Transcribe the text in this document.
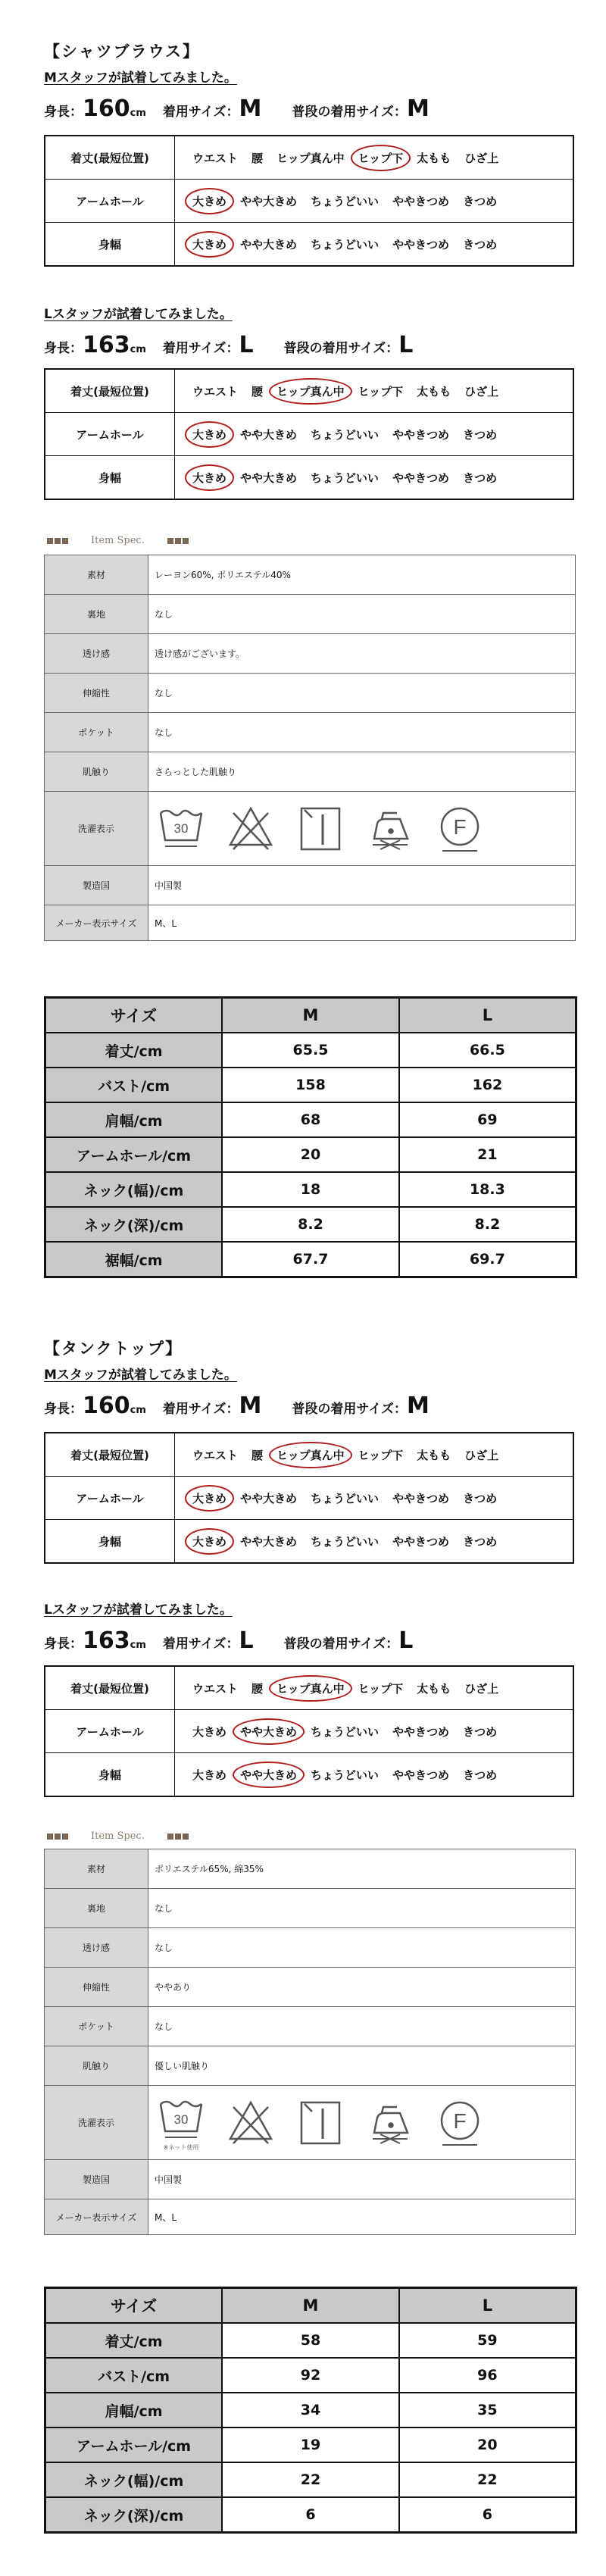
【シャツブラウス】
Mスタッフが試着してみました。
身長：160cm 着用サイズ：M 普段の着用サイズ：M
着丈(最短位置)	ウエスト 腰 ヒップ真ん中 ヒップ下 太もも ひざ上
アームホール	大きめ やや大きめ ちょうどいい ややきつめ きつめ
身幅	大きめ やや大きめ ちょうどいい ややきつめ きつめ
Lスタッフが試着してみました。
身長：163cm 着用サイズ：L 普段の着用サイズ：L
着丈(最短位置)	ウエスト 腰 ヒップ真ん中 ヒップ下 太もも ひざ上
アームホール	大きめ やや大きめ ちょうどいい ややきつめ きつめ
身幅	大きめ やや大きめ ちょうどいい ややきつめ きつめ
Item Spec.
素材	レーヨン60%, ポリエステル40%
裏地	なし
透け感	透け感がございます。
伸縮性	なし
ポケット	なし
肌触り	さらっとした肌触り
洗濯表示	30 F

製造国	中国製
メーカー表示サイズ	M、L
サイズ	M	L
着丈/cm	65.5	66.5
バスト/cm	158	162
肩幅/cm	68	69
アームホール/cm	20	21
ネック(幅)/cm	18	18.3
ネック(深)/cm	8.2	8.2
裾幅/cm	67.7	69.7
【タンクトップ】
Mスタッフが試着してみました。
身長：160cm 着用サイズ：M 普段の着用サイズ：M
着丈(最短位置)	ウエスト 腰 ヒップ真ん中 ヒップ下 太もも ひざ上
アームホール	大きめ やや大きめ ちょうどいい ややきつめ きつめ
身幅	大きめ やや大きめ ちょうどいい ややきつめ きつめ
Lスタッフが試着してみました。
身長：163cm 着用サイズ：L 普段の着用サイズ：L
着丈(最短位置)	ウエスト 腰 ヒップ真ん中 ヒップ下 太もも ひざ上
アームホール	大きめ やや大きめ ちょうどいい ややきつめ きつめ
身幅	大きめ やや大きめ ちょうどいい ややきつめ きつめ
Item Spec.
素材	ポリエステル65%, 綿35%
裏地	なし
透け感	なし
伸縮性	ややあり
ポケット	なし
肌触り	優しい肌触り
洗濯表示	30
※ネット使用
F

製造国	中国製
メーカー表示サイズ	M、L
サイズ	M	L
着丈/cm	58	59
バスト/cm	92	96
肩幅/cm	34	35
アームホール/cm	19	20
ネック(幅)/cm	22	22
ネック(深)/cm	6	6
